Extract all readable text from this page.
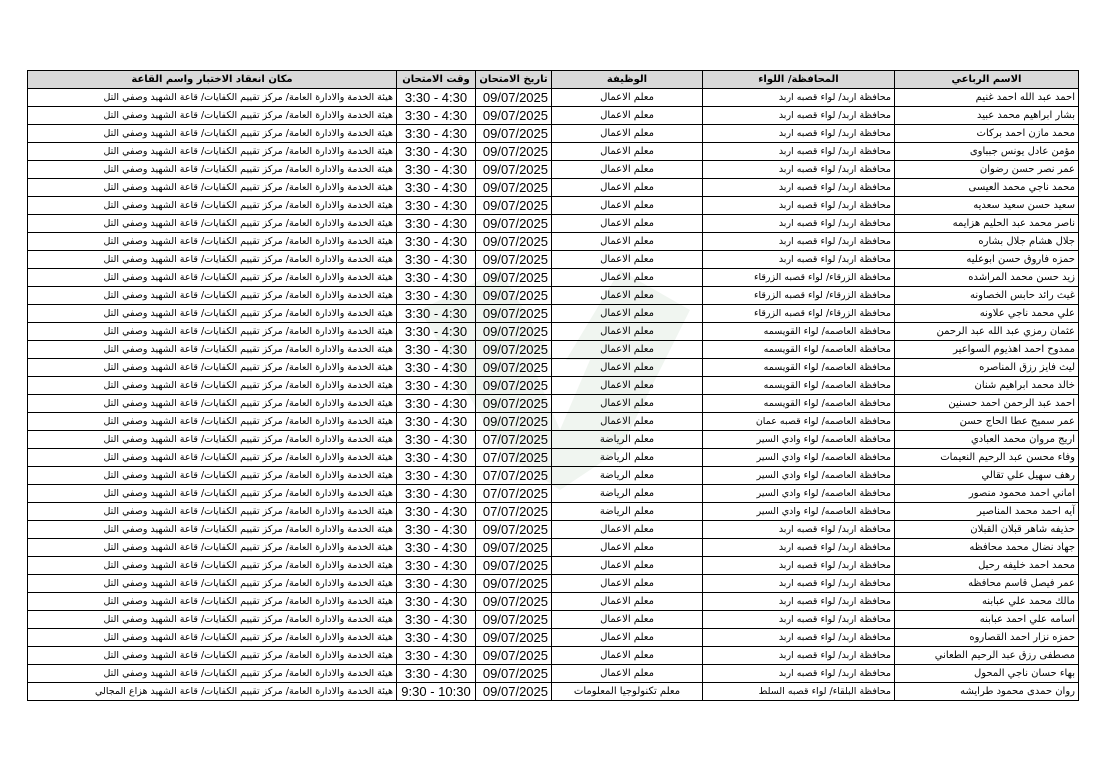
الاسم الرباعي	المحافظة/ اللواء	الوظيفة	تاريخ الامتحان	وقت الامتحان	مكان انعقاد الاختبار واسم القاعة
احمد عبد الله احمد غنيم	محافظة اربد/ لواء قصبه اربد	معلم الاعمال	09/07/2025	3:30 - 4:30	هيئة الخدمة والادارة العامة/ مركز تقييم الكفايات/ قاعة الشهيد وصفي التل
بشار ابراهيم محمد عبيد	محافظة اربد/ لواء قصبه اربد	معلم الاعمال	09/07/2025	3:30 - 4:30	هيئة الخدمة والادارة العامة/ مركز تقييم الكفايات/ قاعة الشهيد وصفي التل
محمد مازن احمد بركات	محافظة اربد/ لواء قصبه اربد	معلم الاعمال	09/07/2025	3:30 - 4:30	هيئة الخدمة والادارة العامة/ مركز تقييم الكفايات/ قاعة الشهيد وصفي التل
مؤمن عادل يونس جبباوى	محافظة اربد/ لواء قصبه اربد	معلم الاعمال	09/07/2025	3:30 - 4:30	هيئة الخدمة والادارة العامة/ مركز تقييم الكفايات/ قاعة الشهيد وصفي التل
عمر نصر حسن رضوان	محافظة اربد/ لواء قصبه اربد	معلم الاعمال	09/07/2025	3:30 - 4:30	هيئة الخدمة والادارة العامة/ مركز تقييم الكفايات/ قاعة الشهيد وصفي التل
محمد ناجي محمد العيسى	محافظة اربد/ لواء قصبه اربد	معلم الاعمال	09/07/2025	3:30 - 4:30	هيئة الخدمة والادارة العامة/ مركز تقييم الكفايات/ قاعة الشهيد وصفي التل
سعيد حسن سعيد سعديه	محافظة اربد/ لواء قصبه اربد	معلم الاعمال	09/07/2025	3:30 - 4:30	هيئة الخدمة والادارة العامة/ مركز تقييم الكفايات/ قاعة الشهيد وصفي التل
ناصر محمد عبد الحليم هزايمه	محافظة اربد/ لواء قصبه اربد	معلم الاعمال	09/07/2025	3:30 - 4:30	هيئة الخدمة والادارة العامة/ مركز تقييم الكفايات/ قاعة الشهيد وصفي التل
جلال هشام جلال بشاره	محافظة اربد/ لواء قصبه اربد	معلم الاعمال	09/07/2025	3:30 - 4:30	هيئة الخدمة والادارة العامة/ مركز تقييم الكفايات/ قاعة الشهيد وصفي التل
حمزه فاروق حسن ابوعليه	محافظة اربد/ لواء قصبه اربد	معلم الاعمال	09/07/2025	3:30 - 4:30	هيئة الخدمة والادارة العامة/ مركز تقييم الكفايات/ قاعة الشهيد وصفي التل
زيد حسن محمد المراشده	محافظة الزرقاء/ لواء قصبه الزرقاء	معلم الاعمال	09/07/2025	3:30 - 4:30	هيئة الخدمة والادارة العامة/ مركز تقييم الكفايات/ قاعة الشهيد وصفي التل
غيث رائد حابس الخصاونه	محافظة الزرقاء/ لواء قصبه الزرقاء	معلم الاعمال	09/07/2025	3:30 - 4:30	هيئة الخدمة والادارة العامة/ مركز تقييم الكفايات/ قاعة الشهيد وصفي التل
علي محمد ناجي علاونه	محافظة الزرقاء/ لواء قصبه الزرقاء	معلم الاعمال	09/07/2025	3:30 - 4:30	هيئة الخدمة والادارة العامة/ مركز تقييم الكفايات/ قاعة الشهيد وصفي التل
عثمان رمزي عبد الله عبد الرحمن	محافظة العاصمه/ لواء القويسمه	معلم الاعمال	09/07/2025	3:30 - 4:30	هيئة الخدمة والادارة العامة/ مركز تقييم الكفايات/ قاعة الشهيد وصفي التل
ممدوح احمد اهذيوم السواعير	محافظة العاصمه/ لواء القويسمه	معلم الاعمال	09/07/2025	3:30 - 4:30	هيئة الخدمة والادارة العامة/ مركز تقييم الكفايات/ قاعة الشهيد وصفي التل
ليث فايز رزق المناصره	محافظة العاصمه/ لواء القويسمه	معلم الاعمال	09/07/2025	3:30 - 4:30	هيئة الخدمة والادارة العامة/ مركز تقييم الكفايات/ قاعة الشهيد وصفي التل
خالد محمد ابراهيم شنان	محافظة العاصمه/ لواء القويسمه	معلم الاعمال	09/07/2025	3:30 - 4:30	هيئة الخدمة والادارة العامة/ مركز تقييم الكفايات/ قاعة الشهيد وصفي التل
احمد عبد الرحمن احمد حسنين	محافظة العاصمه/ لواء القويسمه	معلم الاعمال	09/07/2025	3:30 - 4:30	هيئة الخدمة والادارة العامة/ مركز تقييم الكفايات/ قاعة الشهيد وصفي التل
عمر سميح عطا الحاج حسن	محافظة العاصمه/ لواء قصبه عمان	معلم الاعمال	09/07/2025	3:30 - 4:30	هيئة الخدمة والادارة العامة/ مركز تقييم الكفايات/ قاعة الشهيد وصفي التل
اريج مروان محمد العبادي	محافظة العاصمه/ لواء وادي السير	معلم الرياضة	07/07/2025	3:30 - 4:30	هيئة الخدمة والادارة العامة/ مركز تقييم الكفايات/ قاعة الشهيد وصفي التل
وفاء محسن عبد الرحيم النعيمات	محافظة العاصمه/ لواء وادي السير	معلم الرياضة	07/07/2025	3:30 - 4:30	هيئة الخدمة والادارة العامة/ مركز تقييم الكفايات/ قاعة الشهيد وصفي التل
رهف سهيل علي تقالي	محافظة العاصمه/ لواء وادي السير	معلم الرياضة	07/07/2025	3:30 - 4:30	هيئة الخدمة والادارة العامة/ مركز تقييم الكفايات/ قاعة الشهيد وصفي التل
اماني احمد محمود منصور	محافظة العاصمه/ لواء وادي السير	معلم الرياضة	07/07/2025	3:30 - 4:30	هيئة الخدمة والادارة العامة/ مركز تقييم الكفايات/ قاعة الشهيد وصفي التل
آيه احمد محمد المناصير	محافظة العاصمه/ لواء وادي السير	معلم الرياضة	07/07/2025	3:30 - 4:30	هيئة الخدمة والادارة العامة/ مركز تقييم الكفايات/ قاعة الشهيد وصفي التل
حذيفه شاهر قبلان القبلان	محافظة اربد/ لواء قصبه اربد	معلم الاعمال	09/07/2025	3:30 - 4:30	هيئة الخدمة والادارة العامة/ مركز تقييم الكفايات/ قاعة الشهيد وصفي التل
جهاد نضال محمد محافظه	محافظة اربد/ لواء قصبه اربد	معلم الاعمال	09/07/2025	3:30 - 4:30	هيئة الخدمة والادارة العامة/ مركز تقييم الكفايات/ قاعة الشهيد وصفي التل
محمد احمد خليفه رحيل	محافظة اربد/ لواء قصبه اربد	معلم الاعمال	09/07/2025	3:30 - 4:30	هيئة الخدمة والادارة العامة/ مركز تقييم الكفايات/ قاعة الشهيد وصفي التل
عمر فيصل قاسم محافظه	محافظة اربد/ لواء قصبه اربد	معلم الاعمال	09/07/2025	3:30 - 4:30	هيئة الخدمة والادارة العامة/ مركز تقييم الكفايات/ قاعة الشهيد وصفي التل
مالك محمد علي عبابنه	محافظة اربد/ لواء قصبه اربد	معلم الاعمال	09/07/2025	3:30 - 4:30	هيئة الخدمة والادارة العامة/ مركز تقييم الكفايات/ قاعة الشهيد وصفي التل
اسامه علي احمد عبابنه	محافظة اربد/ لواء قصبه اربد	معلم الاعمال	09/07/2025	3:30 - 4:30	هيئة الخدمة والادارة العامة/ مركز تقييم الكفايات/ قاعة الشهيد وصفي التل
حمزه نزار احمد القصاروه	محافظة اربد/ لواء قصبه اربد	معلم الاعمال	09/07/2025	3:30 - 4:30	هيئة الخدمة والادارة العامة/ مركز تقييم الكفايات/ قاعة الشهيد وصفي التل
مصطفى رزق عبد الرحيم الطعاني	محافظة اربد/ لواء قصبه اربد	معلم الاعمال	09/07/2025	3:30 - 4:30	هيئة الخدمة والادارة العامة/ مركز تقييم الكفايات/ قاعة الشهيد وصفي التل
بهاء حسان ناجي المحول	محافظة اربد/ لواء قصبه اربد	معلم الاعمال	09/07/2025	3:30 - 4:30	هيئة الخدمة والادارة العامة/ مركز تقييم الكفايات/ قاعة الشهيد وصفي التل
روان حمدى محمود طرايشه	محافظة البلقاء/ لواء قصبه السلط	معلم تكنولوجيا المعلومات	09/07/2025	9:30 - 10:30	هيئة الخدمة والادارة العامة/ مركز تقييم الكفايات/ قاعة الشهيد هزاع المجالي
